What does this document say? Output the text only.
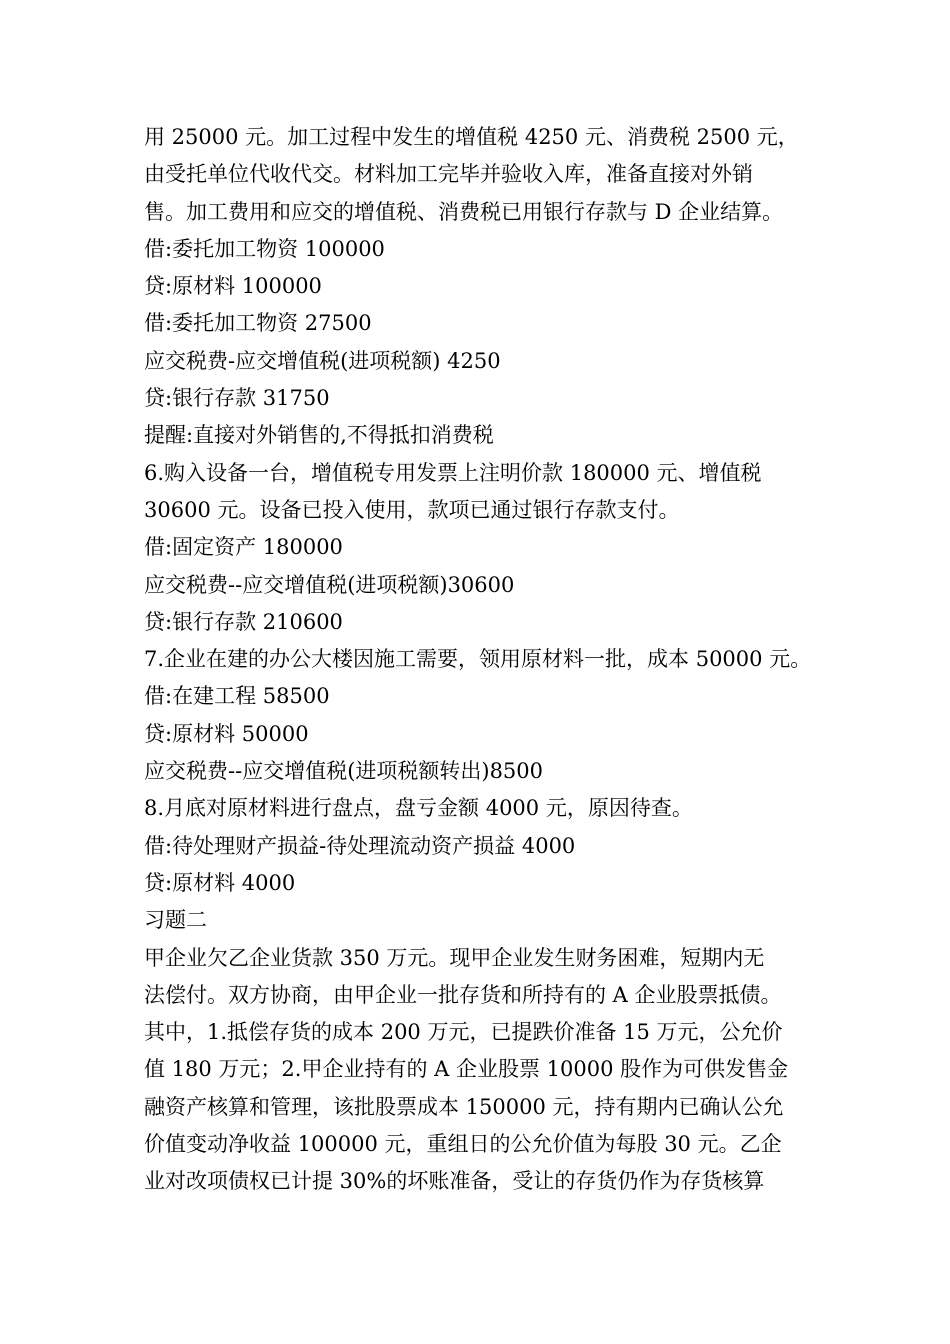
用 25000 元。加工过程中发生的增值税 4250 元、消费税 2500 元，
由受托单位代收代交。材料加工完毕并验收入库，准备直接对外销
售。加工费用和应交的增值税、消费税已用银行存款与 D 企业结算。
借:委托加工物资 100000
贷:原材料 100000
借:委托加工物资 27500
应交税费-应交增值税(进项税额) 4250
贷:银行存款 31750
提醒:直接对外销售的,不得抵扣消费税
6.购入设备一台，增值税专用发票上注明价款 180000 元、增值税
30600 元。设备已投入使用，款项已通过银行存款支付。
借:固定资产 180000
应交税费--应交增值税(进项税额)30600
贷:银行存款 210600
7.企业在建的办公大楼因施工需要，领用原材料一批，成本 50000 元。
借:在建工程 58500
贷:原材料 50000
应交税费--应交增值税(进项税额转出)8500
8.月底对原材料进行盘点，盘亏金额 4000 元，原因待查。
借:待处理财产损益-待处理流动资产损益 4000
贷:原材料 4000
习题二
甲企业欠乙企业货款 350 万元。现甲企业发生财务困难，短期内无
法偿付。双方协商，由甲企业一批存货和所持有的 A 企业股票抵债。
其中，1.抵偿存货的成本 200 万元，已提跌价准备 15 万元，公允价
值 180 万元；2.甲企业持有的 A 企业股票 10000 股作为可供发售金
融资产核算和管理，该批股票成本 150000 元，持有期内已确认公允
价值变动净收益 100000 元，重组日的公允价值为每股 30 元。乙企
业对改项债权已计提 30%的坏账准备，受让的存货仍作为存货核算
